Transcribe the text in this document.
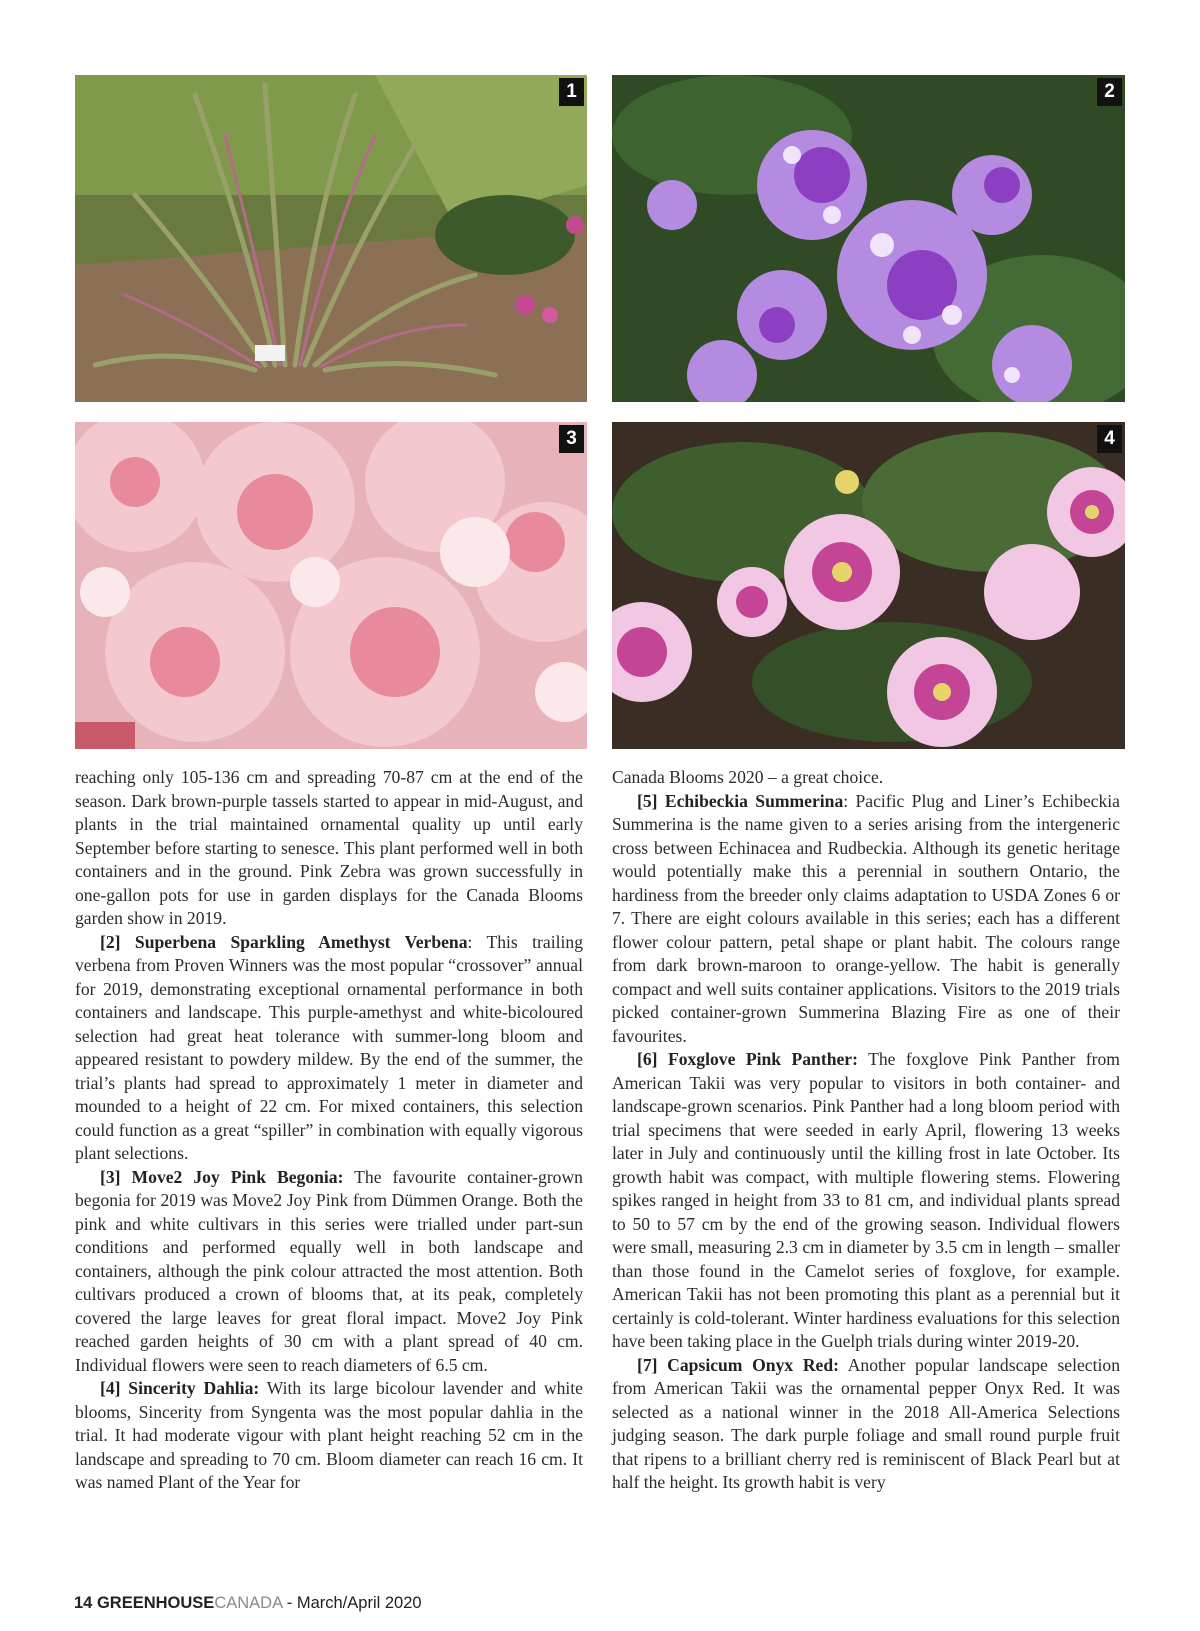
1	2
3	4

reaching only 105-136 cm and spreading 70-87 cm at the end of the season. Dark brown-purple tassels started to appear in mid-August, and plants in the trial maintained ornamental quality up until early September before starting to senesce. This plant performed well in both containers and in the ground. Pink Zebra was grown successfully in one-gallon pots for use in garden displays for the Canada Blooms garden show in 2019.

[2] Superbena Sparkling Amethyst Verbena: This trailing verbena from Proven Winners was the most popular “crossover” annual for 2019, demonstrating exceptional ornamental performance in both containers and landscape. This purple-amethyst and white-bicoloured selection had great heat tolerance with summer-long bloom and appeared resistant to powdery mildew. By the end of the summer, the trial’s plants had spread to approximately 1 meter in diameter and mounded to a height of 22 cm. For mixed containers, this selection could function as a great “spiller” in combination with equally vigorous plant selections.

[3] Move2 Joy Pink Begonia: The favourite container-grown begonia for 2019 was Move2 Joy Pink from Dümmen Orange. Both the pink and white cultivars in this series were trialled under part-sun conditions and performed equally well in both landscape and containers, although the pink colour attracted the most attention. Both cultivars produced a crown of blooms that, at its peak, completely covered the large leaves for great floral impact. Move2 Joy Pink reached garden heights of 30 cm with a plant spread of 40 cm. Individual flowers were seen to reach diameters of 6.5 cm.

[4] Sincerity Dahlia: With its large bicolour lavender and white blooms, Sincerity from Syngenta was the most popular dahlia in the trial. It had moderate vigour with plant height reaching 52 cm in the landscape and spreading to 70 cm. Bloom diameter can reach 16 cm. It was named Plant of the Year for

Canada Blooms 2020 – a great choice.

[5] Echibeckia Summerina: Pacific Plug and Liner’s Echibeckia Summerina is the name given to a series arising from the intergeneric cross between Echinacea and Rudbeckia. Although its genetic heritage would potentially make this a perennial in southern Ontario, the hardiness from the breeder only claims adaptation to USDA Zones 6 or 7. There are eight colours available in this series; each has a different flower colour pattern, petal shape or plant habit. The colours range from dark brown-maroon to orange-yellow. The habit is generally compact and well suits container applications. Visitors to the 2019 trials picked container-grown Summerina Blazing Fire as one of their favourites.

[6] Foxglove Pink Panther: The foxglove Pink Panther from American Takii was very popular to visitors in both container- and landscape-grown scenarios. Pink Panther had a long bloom period with trial specimens that were seeded in early April, flowering 13 weeks later in July and continuously until the killing frost in late October. Its growth habit was compact, with multiple flowering stems. Flowering spikes ranged in height from 33 to 81 cm, and individual plants spread to 50 to 57 cm by the end of the growing season. Individual flowers were small, measuring 2.3 cm in diameter by 3.5 cm in length – smaller than those found in the Camelot series of foxglove, for example. American Takii has not been promoting this plant as a perennial but it certainly is cold-tolerant. Winter hardiness evaluations for this selection have been taking place in the Guelph trials during winter 2019-20.

[7] Capsicum Onyx Red: Another popular landscape selection from American Takii was the ornamental pepper Onyx Red. It was selected as a national winner in the 2018 All-America Selections judging season. The dark purple foliage and small round purple fruit that ripens to a brilliant cherry red is reminiscent of Black Pearl but at half the height. Its growth habit is very

14 GREENHOUSECANADA - March/April 2020
